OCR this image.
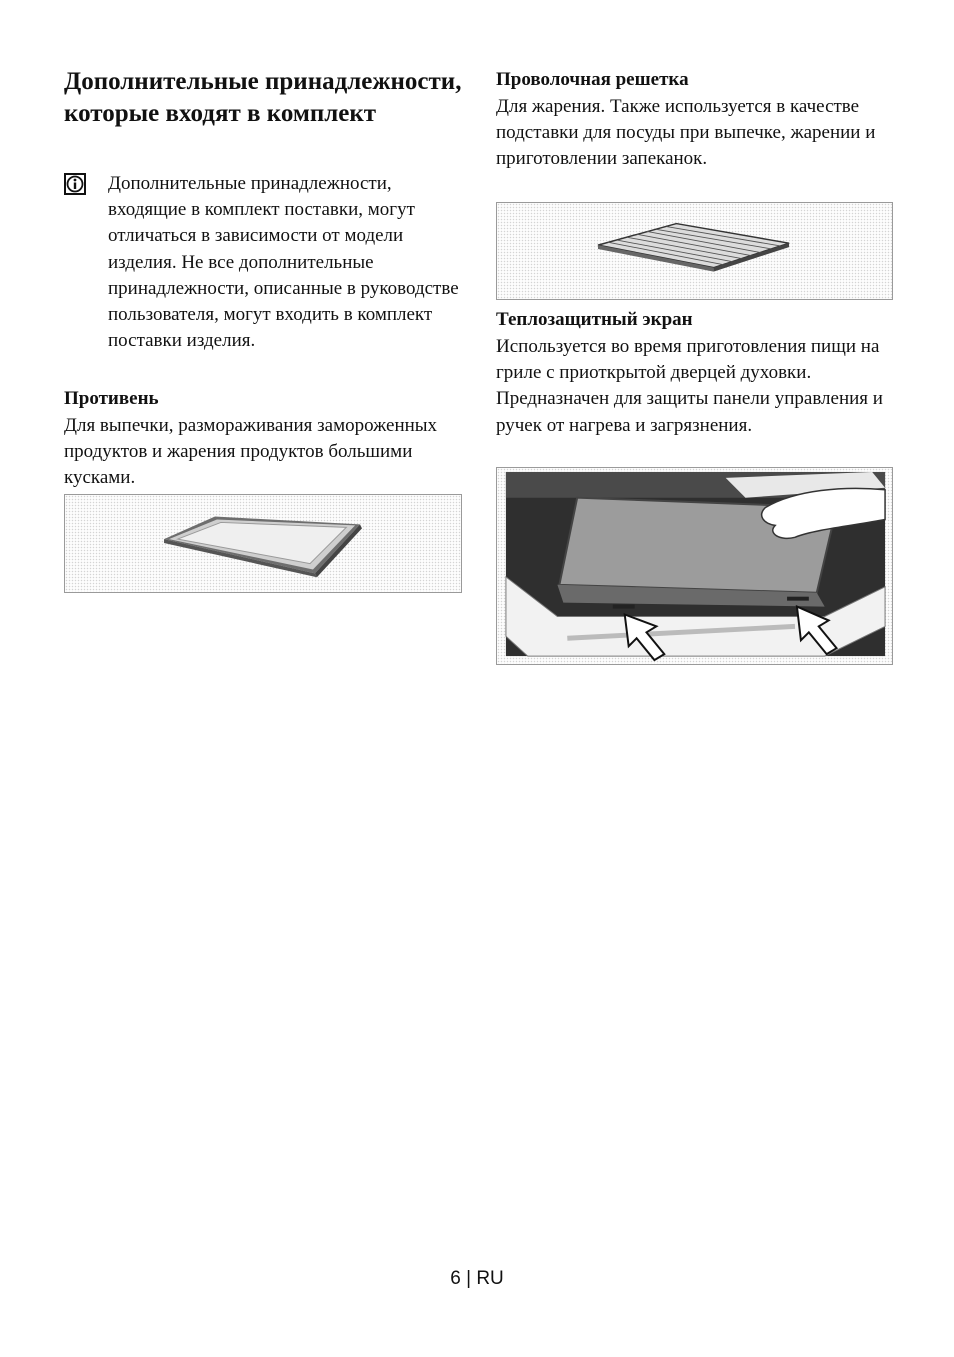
Дополнительные принадлежности, которые входят в комплект

Дополнительные принадлежности, входящие в комплект поставки, могут отличаться в зависимости от модели изделия. Не все дополнительные принадлежности, описанные в руководстве пользователя, могут входить в комплект поставки изделия.

Противень

Для выпечки, размораживания замороженных продуктов и жарения продуктов большими кусками.

Проволочная решетка

Для жарения. Также используется в качестве подставки для посуды при выпечке, жарении и приготовлении запеканок.

Теплозащитный экран

Используется во время приготовления пищи на гриле с приоткрытой дверцей духовки. Предназначен для защиты панели управления и ручек от нагрева и загрязнения.

6 | RU
